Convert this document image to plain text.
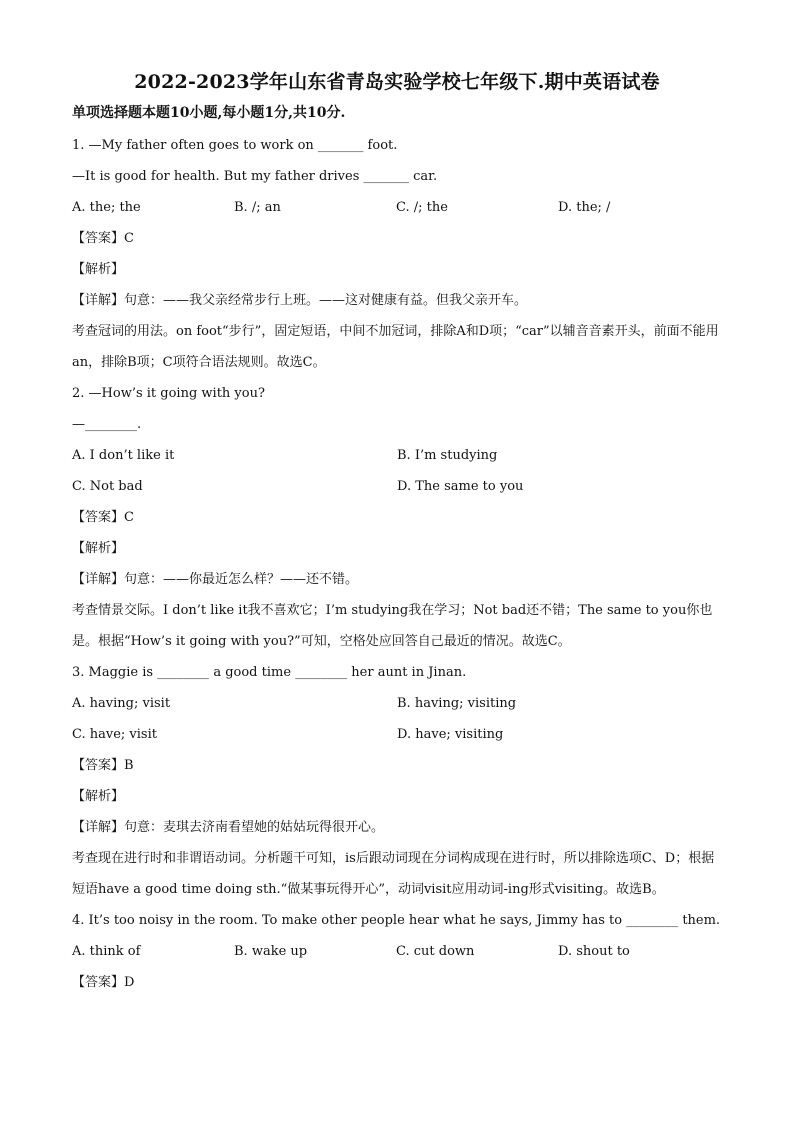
2022-2023学年山东省青岛实验学校七年级下.期中英语试卷
单项选择题本题10小题,每小题1分,共10分.
1. —My father often goes to work on _______ foot.
—It is good for health. But my father drives _______ car.
A. the; the	B. /; an	C. /; the	D. the; /
【答案】C
【解析】
【详解】句意：——我父亲经常步行上班。——这对健康有益。但我父亲开车。
考查冠词的用法。on foot“步行”，固定短语，中间不加冠词，排除A和D项；“car”以辅音音素开头，前面不能用an，排除B项；C项符合语法规则。故选C。
2. —How’s it going with you?
—________.
A. I don’t like it	B. I’m studying
C. Not bad	D. The same to you
【答案】C
【解析】
【详解】句意：——你最近怎么样？——还不错。
考查情景交际。I don’t like it我不喜欢它；I’m studying我在学习；Not bad还不错；The same to you你也是。根据“How’s it going with you?”可知，空格处应回答自己最近的情况。故选C。
3. Maggie is ________ a good time ________ her aunt in Jinan.
A. having; visit	B. having; visiting
C. have; visit	D. have; visiting
【答案】B
【解析】
【详解】句意：麦琪去济南看望她的姑姑玩得很开心。
考查现在进行时和非谓语动词。分析题干可知，is后跟动词现在分词构成现在进行时，所以排除选项C、D；根据短语have a good time doing sth.“做某事玩得开心”，动词visit应用动词-ing形式visiting。故选B。
4. It’s too noisy in the room. To make other people hear what he says, Jimmy has to ________ them.
A. think of	B. wake up	C. cut down	D. shout to
【答案】D
